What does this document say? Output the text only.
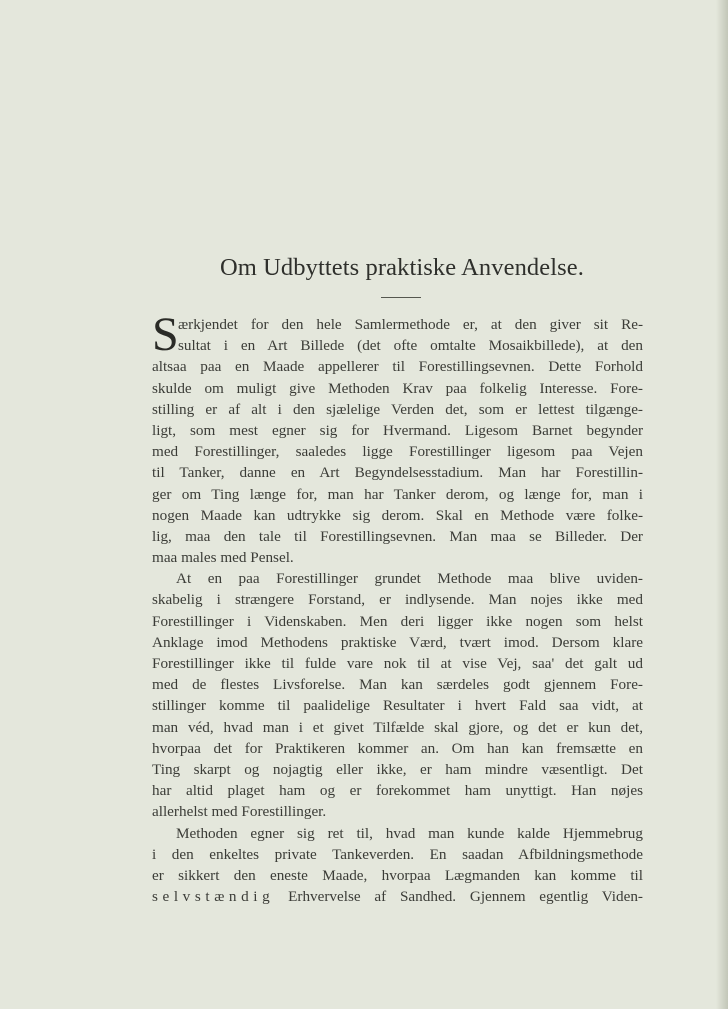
Om Udbyttets praktiske Anvendelse.
S ærkjendet for den hele Samlermethode er, at den giver sit Re-
sultat i en Art Billede (det ofte omtalte Mosaikbillede), at den
altsaa paa en Maade appellerer til Forestillingsevnen. Dette Forhold
skulde om muligt give Methoden Krav paa folkelig Interesse. Fore-
stilling er af alt i den sjælelige Verden det, som er lettest tilgænge-
ligt, som mest egner sig for Hvermand. Ligesom Barnet begynder
med Forestillinger, saaledes ligge Forestillinger ligesom paa Vejen
til Tanker, danne en Art Begyndelsesstadium. Man har Forestillin-
ger om Ting længe for, man har Tanker derom, og længe for, man i
nogen Maade kan udtrykke sig derom. Skal en Methode være folke-
lig, maa den tale til Forestillingsevnen. Man maa se Billeder. Der
maa males med Pensel.
At en paa Forestillinger grundet Methode maa blive uviden-
skabelig i strængere Forstand, er indlysende. Man nojes ikke med
Forestillinger i Videnskaben. Men deri ligger ikke nogen som helst
Anklage imod Methodens praktiske Værd, tvært imod. Dersom klare
Forestillinger ikke til fulde vare nok til at vise Vej, saa' det galt ud
med de flestes Livsforelse. Man kan særdeles godt gjennem Fore-
stillinger komme til paalidelige Resultater i hvert Fald saa vidt, at
man véd, hvad man i et givet Tilfælde skal gjore, og det er kun det,
hvorpaa det for Praktikeren kommer an. Om han kan fremsætte en
Ting skarpt og nojagtig eller ikke, er ham mindre væsentligt. Det
har altid plaget ham og er forekommet ham unyttigt. Han nøjes
allerhelst med Forestillinger.
Methoden egner sig ret til, hvad man kunde kalde Hjemmebrug
i den enkeltes private Tankeverden. En saadan Afbildningsmethode
er sikkert den eneste Maade, hvorpaa Lægmanden kan komme til
selvstændig Erhvervelse af Sandhed. Gjennem egentlig Viden-
